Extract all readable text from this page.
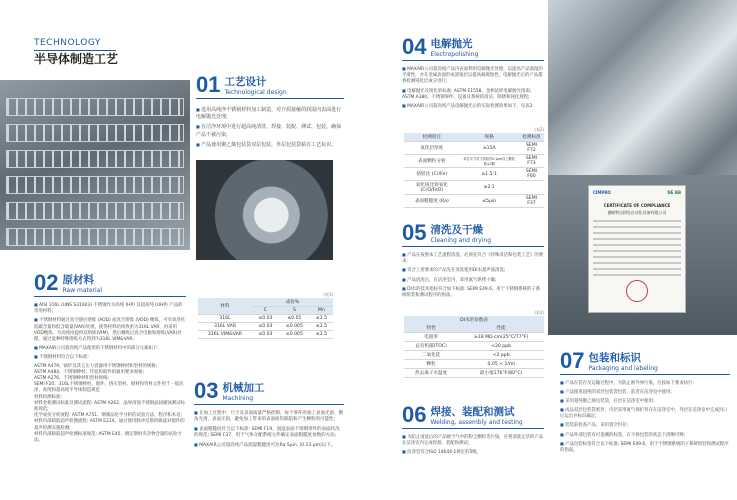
CIMPRO	NE BB
CERTIFICATE OF COMPLIANCE
德耐特(深圳)自动化设备有限公司
TECHNOLOGY
半导体制造工艺
01 工艺设计
Technological design

■ 选用高纯净不锈钢材料加工制造，对介质接触的润湿内表面进行电解抛光处理;

■ 在洁净环境中进行超高纯清洗、焊接、装配、测试、包装，确保产品不被污染;

■ 产品使用聚乙烯包装袋双层包装，外层包装袋粘有工艺标识。

02 原材料
Raw material

■ AISI 316L (UNS S31603) 不锈钢作为高纯 (HP) 及超高纯 (UHP) 产品的常用材料;

■ 不锈钢材料通过真空感应熔炼 (AOD) 或真空熔炼 (VOD) 精炼，可有效净化低碳含量和低含硫量(VAR)处理，使得材料结构致密为316L VAR，再采用VOD精炼，为高纯度提供双熔炼(VIM)，然后精炼过真空电极和熔炼(VAR)处理，通过此种特殊熔炼方式得到为316L VIM&VAR;

■ MAXAIR公司超高纯产品使用的不锈钢材料中的部分元素如下:

■ 不锈钢材料符合以下标准:

ASTM A479、锅炉及其它压力容器用不锈钢棒材和型材的规格;
ASTM A484、不锈钢棒材、坯锭和锻件的通用要求规格;
ASTM A276、不锈钢棒材和型材规格;
SEMI F20、316L不锈钢棒材、锻件、挤压型材、板材和管材元件用于一般洁净、高纯和超高纯半导体制造规范
材料检测标准:
材料金相测试标准及测试流程: ASTM A262、晶界清蚀不锈钢晶间腐蚀测试标准规范;
化学成份分析流程: ASTM A751、钢制品化学分析的试验方法、程序和术语;
材料内部缺陷超声检测流程: ASTM E214、通过使用脉冲反射的纵波对锻件的超声检测实施检测;
材料内部缺陷超声检测标准规范: ASTM E45、测定钢材夹杂物含量的试验方法。
(表1)
材料	成份%		
	C	S	Mn
316L	≤0.03	≤0.01	≤1.5
316L VAR	≤0.03	≤0.005	≤1.5
316L VIM&VAR	≤0.03	≤0.005	≤1.5
03 机械加工
Machining

■ 在加工过程中，尺寸及表面质量严格控制，每个零件的加工表面光滑、倒角光滑，表面无损，避免加工带来的表面损伤缺陷和产生颗粒的可能性;

■ 表面粗糙度符合以下标准: SEMI F19、润湿表面不锈钢零件的表面状况的规范; SEMI F37、用于气体分配系统元件确定表面粗糙度参数的方法;

■ MAXAIR公司超高纯产品润湿粗糙度可达Ra 5μin. (0.13 μm)以下。

04 电解抛光
Electropolishing

■ MAXAIR公司超高纯产品内表面利用电解抛光处理，以提高产品润湿的平滑性，并在金属表面形成富铬层以提高耐腐蚀性，电解抛光后的产品都将检测钝化层成分进行;

■ 电解抛光及钝化的标准: ASTM E1558、金相试样电解抛光指南; ASTM A380、不锈钢零件、设备及系统的清洁、除锈和钝化规程;

■ MAXAIR公司超高纯产品电解抛光后的实际检测效果如下，见表2:

(表2)
检测项目	规格	检测标准
氧化层厚度	≥15A	SEMI F72
表面颗粒分析	单位平方英寸面积内0.1μm以上颗粒数≤2颗	SEMI F73
铬铁比 (Cr/Fe)	≥1.5:1	SEMI F60
氧化铬比铁氧化 (CrO/FeO)	≥2:1	
表面粗糙度 (Ra)	≤5μin	SEMI F37
05 清洗及干燥
Cleaning and drying

■ 产品在按照本工艺流程清洗、必须先符合《特殊清洁和包装工艺》的要求;

■ 符合上述要求的产品先在清洗使用DI水超声波清洗;

■ 产品清洗后，在洁净室内，采用氮气烘烤干燥;

■ DI水的技术指标符合如下标准: SEMI E49.6、用于不锈钢系统的子系统组装和测试程序的指南。

(表3)
DI水的参数表
特性	性能
电阻率	≥18 MΩ·cm(25°C/77°F)
总有机碳(TOC)	<20 ppb
二氧化硅	<2 ppb
颗粒	0.05 < 1/ml
热去离子水温度	最小值176°F(80°C)
06 焊接、装配和测试
Welding, assembly and testing

■ 为防止清洗后的产品被空气中的粉尘颗粒等污染，应将清洗完毕的产品在洁净室内完成焊接、装配和测试;

■ 洁净室符合ISO 14644-1规定的5级。

07 包装和标识
Packaging and labeling

■ 产品在装存及运输过程中，为防止被外界污染，应按如下要求执行:

■ 产品使用超纯的双层包装袋包装，前者在洁净室中使用；

■ 采用超纯聚乙烯包装袋，后层在洁净室中使用；

■ 成品双层包装袋密封，内层采用氮气保护封存在洁净室中，外层在洁净室中完成封口后运出并标识确定;

■ 装装前检查产品、采用真空封存;

■ 产品外部包装有可追溯的标签，在不拆包装的状态下清晰可辨;

■ 产品包装标签符合以下标准: SEMI E49.6、用于不锈钢系统的子系统组装和测试程序的指南。
